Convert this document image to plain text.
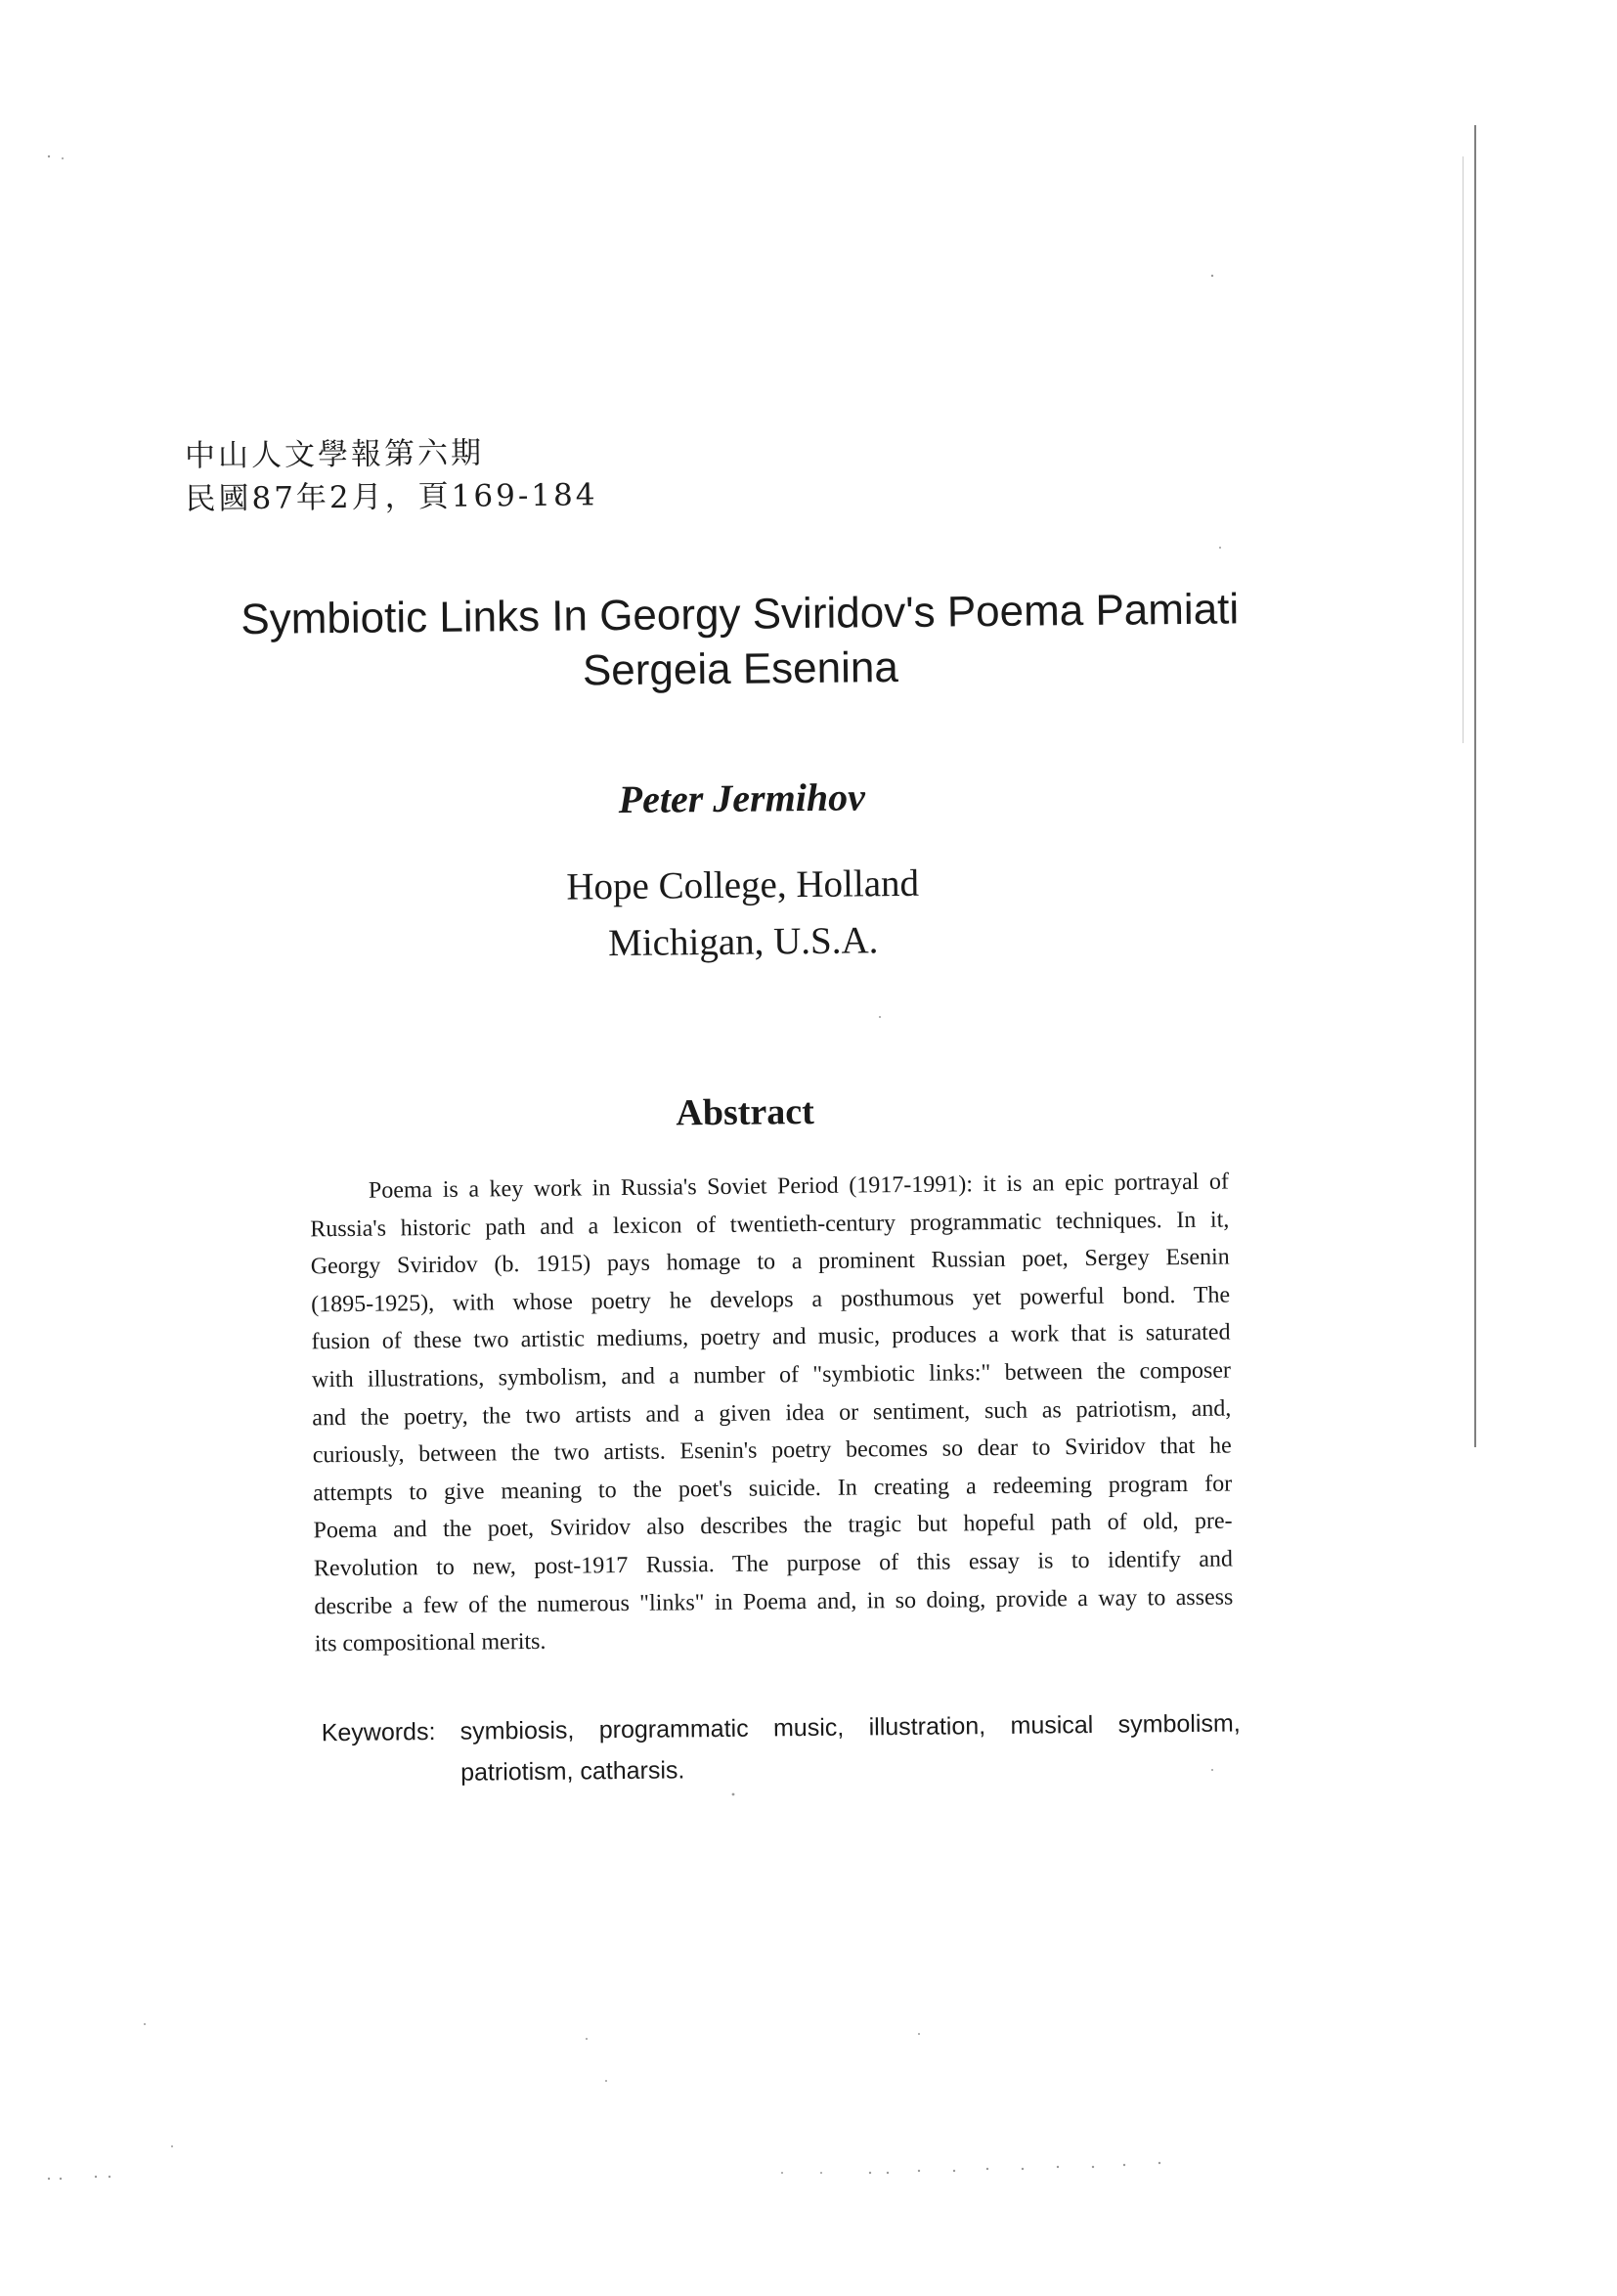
中山人文學報第六期
民國87年2月，頁169-184
Symbiotic Links In Georgy Sviridov's Poema Pamiati
Sergeia Esenina
Peter Jermihov
Hope College, Holland
Michigan, U.S.A.
Abstract
Poema is a key work in Russia's Soviet Period (1917-1991): it is an epic portrayal of
Russia's historic path and a lexicon of twentieth-century programmatic techniques. In it,
Georgy Sviridov (b. 1915) pays homage to a prominent Russian poet, Sergey Esenin
(1895-1925), with whose poetry he develops a posthumous yet powerful bond. The
fusion of these two artistic mediums, poetry and music, produces a work that is saturated
with illustrations, symbolism, and a number of "symbiotic links:" between the composer
and the poetry, the two artists and a given idea or sentiment, such as patriotism, and,
curiously, between the two artists. Esenin's poetry becomes so dear to Sviridov that he
attempts to give meaning to the poet's suicide. In creating a redeeming program for
Poema and the poet, Sviridov also describes the tragic but hopeful path of old, pre-
Revolution to new, post-1917 Russia. The purpose of this essay is to identify and
describe a few of the numerous "links" in Poema and, in so doing, provide a way to assess
its compositional merits.
Keywords: symbiosis, programmatic music, illustration, musical symbolism,
patriotism, catharsis.
